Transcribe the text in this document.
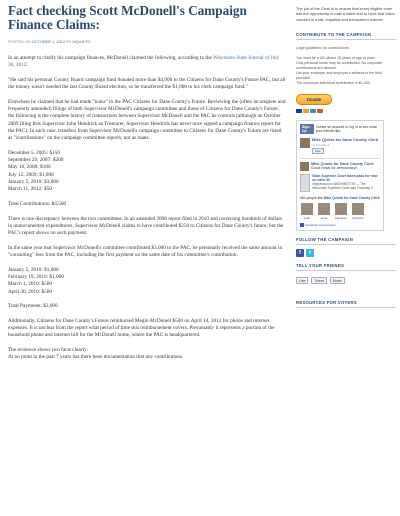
Fact checking Scott McDonell's Campaign Finance Claims:
POSTED ON OCTOBER 1, 2012 BY MQUIETO

In an attempt to clarify his campaign finances, McDonell claimed the following, according to the Wisconsin State Journal of July 30, 2012:

"He said his personal County Board campaign fund donated more than $4,000 to the Citizens for Dane County's Future PAC, but all the money wasn't needed the last County Board election, so he transferred the $1,800 to his clerk campaign fund."

Elsewhere he claimed that he had made "loans" to the PAC Citizens for Dane County's Future. Reviewing the (often incomplete and frequently amended) filings of both Supervisor McDonell's campaign committee and those of Citizens for Dane County's Future, the following is the complete history of transactions between Supervisor McDonell and the PAC he controls (although an October 2009 filing lists Supervisor John Hendrick as Treasurer, Supervisor Hendrick has never once signed a campaign finance report for the PAC). In each case, transfers from Supervisor McDonell's campaign committee to Citizens for Dane County's Future are listed as "contributions" on the campaign committee reports, not as loans.

December 5, 2005: $150
September 29, 2007: $200
May 16, 2008: $100
July 12, 2009: $1,000
January 5, 2010: $3,000
March 11, 2012: $50

Total Contributions: $4,500

There is one discrepancy between the two committees. In an amended 2008 report filed in 2010 and correcting hundreds of dollars in undocumented expenditures, Supervisor McDonell claims to have contributed $250 to Citizens for Dane County's future, but the PAC's report shows no such payment.

In the same year that Supervisor McDonell's committee contributed $3,000 to the PAC, he personally received the same amount in "consulting" fees from the PAC, including the first payment on the same date of his committee's contribution.

January 5, 2010: $1,000
February 19, 2010: $1,000
March 1, 2010: $500
April 30, 2010: $500

Total Payments: $3,000

Additionally, Citizens for Dane County's Future reimbursed Megin McDonell $500 on April 14, 2012 for phone and internet expenses. It is unclear from the report what period of time this reimbursement covers. Presumably it represents a portion of the household phone and internet bill for the McDonell home, where the PAC is headquartered.

The evidence shows two facts clearly:

At no point in the past 7 years has there been documentation that any contributions

The job of the Clerk is to ensure that every eligible voter has the opportunity to cast a ballot and to have that ballot counted in a fair, impartial and transparent manner.
CONTRIBUTE TO THE CAMPAIGN
Legal guidelines for contributions:
You must be a US citizen 18 years of age or older
Only personal funds may be contributed. No corporate contributions are allowed.
List your employer and employer's address in the field provided
The maximum individual contribution is $1,000.
Donate
Sign Up
Create an account or log in to see what your friends like.
Mike Quieto for Dane County Clerk
on Facebook
Like
Mike Quieto for Dane County Clerk
Good news for democracy!!
State Supreme Court takes pass for now on voter ID
chippewa.com WASHINGTON — The Wisconsin Supreme Court said Thursday it
584 people like Mike Quieto for Dane County Clerk
Leah	Jamie	Katherine	Rachelle
Facebook social plugin
FOLLOW THE CAMPAIGN
f	t
TELL YOUR FRIENDS
Like	Tweet	Email
RESOURCES FOR VOTERS
